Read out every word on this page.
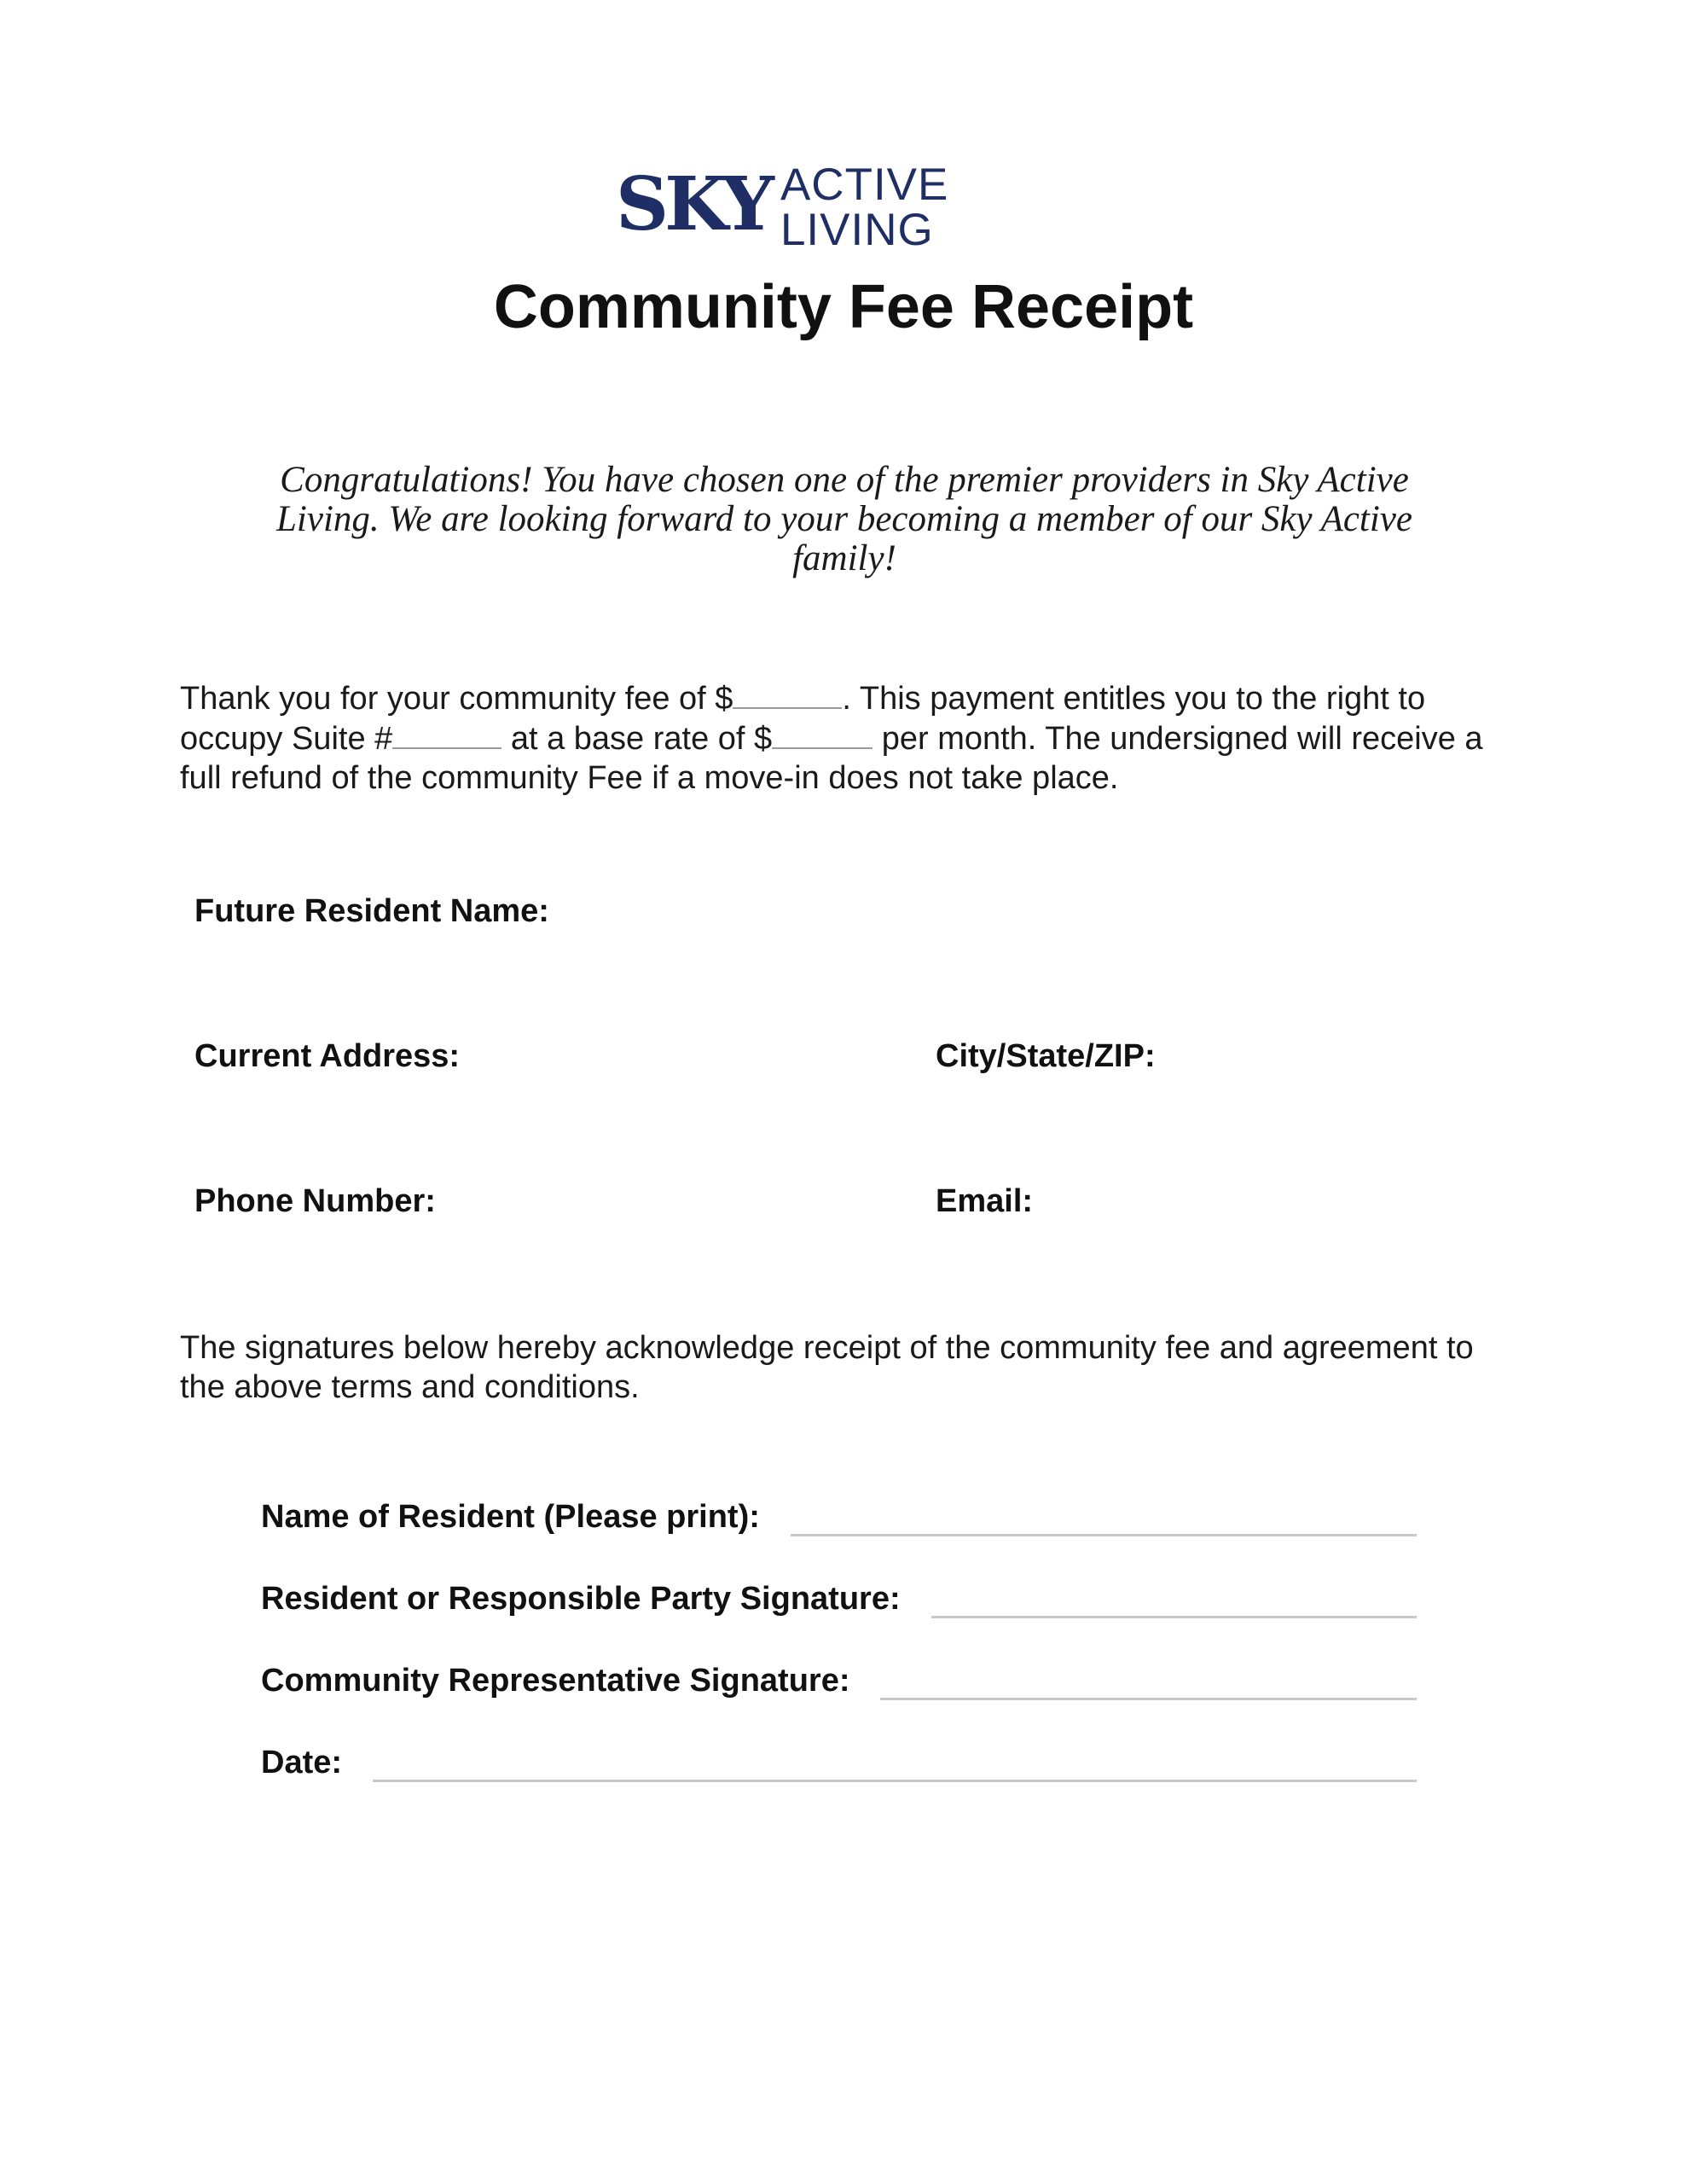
SKY ACTIVE LIVING
Community Fee Receipt

Congratulations! You have chosen one of the premier providers in Sky Active Living. We are looking forward to your becoming a member of our Sky Active family!

Thank you for your community fee of $	. This payment entitles you to the right to occupy Suite #	at a base rate of $	per month. The undersigned will receive a full refund of the community Fee if a move-in does not take place.

Future Resident Name:

Current Address:	City/State/ZIP:

Phone Number:	Email:

The signatures below hereby acknowledge receipt of the community fee and agreement to the above terms and conditions.

Name of Resident (Please print):
Resident or Responsible Party Signature:
Community Representative Signature:
Date:
